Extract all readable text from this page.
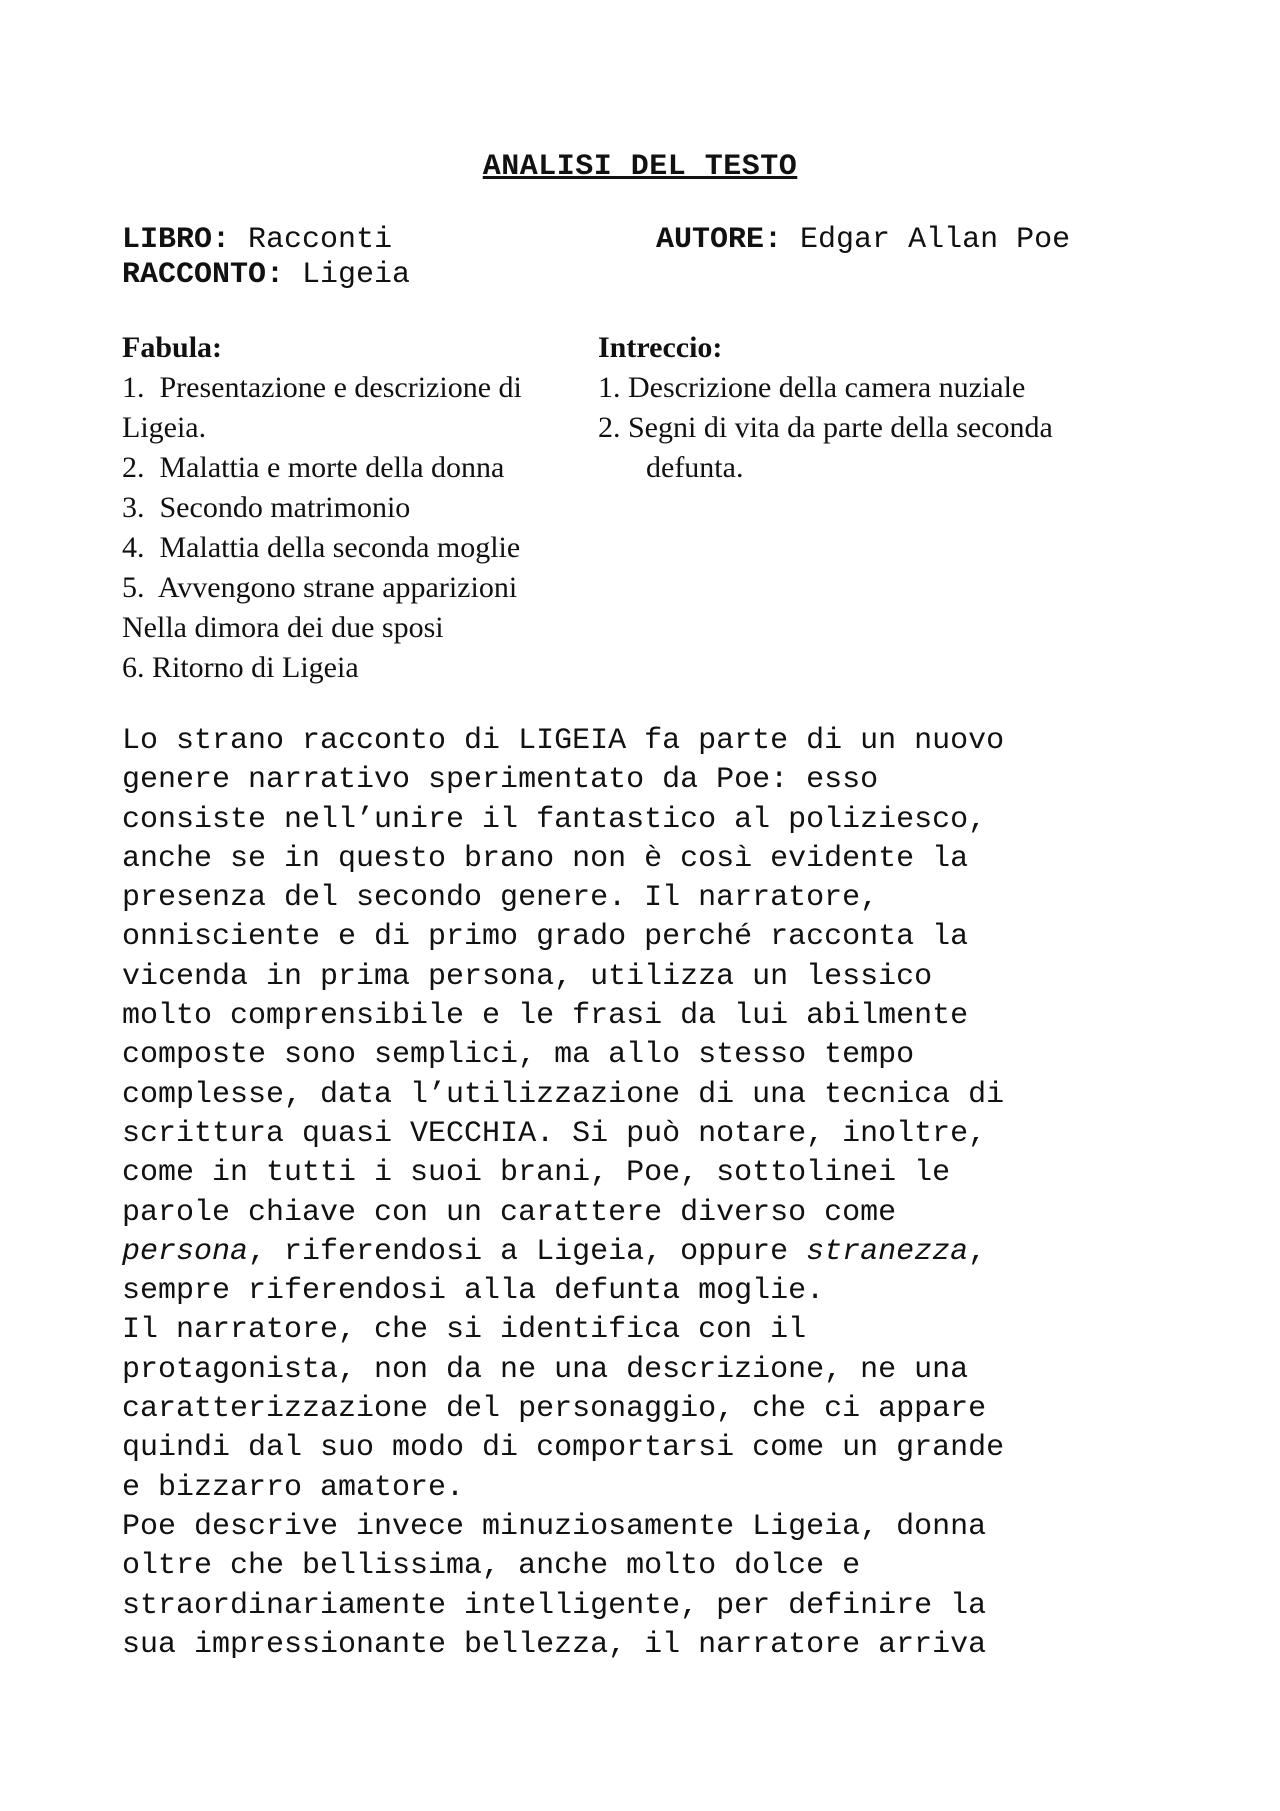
ANALISI DEL TESTO
LIBRO: Racconti	AUTORE: Edgar Allan Poe
RACCONTO: Ligeia
Fabula:
1.  Presentazione e descrizione di
Ligeia.
2.  Malattia e morte della donna
3.  Secondo matrimonio
4.  Malattia della seconda moglie
5.  Avvengono strane apparizioni
Nella dimora dei due sposi
6. Ritorno di Ligeia
Intreccio:
1. Descrizione della camera nuziale
2. Segni di vita da parte della seconda
defunta.
Lo strano racconto di LIGEIA fa parte di un nuovo
genere narrativo sperimentato da Poe: esso
consiste nell’unire il fantastico al poliziesco,
anche se in questo brano non è così evidente la
presenza del secondo genere. Il narratore,
onnisciente e di primo grado perché racconta la
vicenda in prima persona, utilizza un lessico
molto comprensibile e le frasi da lui abilmente
composte sono semplici, ma allo stesso tempo
complesse, data l’utilizzazione di una tecnica di
scrittura quasi VECCHIA. Si può notare, inoltre,
come in tutti i suoi brani, Poe, sottolinei le
parole chiave con un carattere diverso come
persona, riferendosi a Ligeia, oppure stranezza,
sempre riferendosi alla defunta moglie.
Il narratore, che si identifica con il
protagonista, non da ne una descrizione, ne una
caratterizzazione del personaggio, che ci appare
quindi dal suo modo di comportarsi come un grande
e bizzarro amatore.
Poe descrive invece minuziosamente Ligeia, donna
oltre che bellissima, anche molto dolce e
straordinariamente intelligente, per definire la
sua impressionante bellezza, il narratore arriva
